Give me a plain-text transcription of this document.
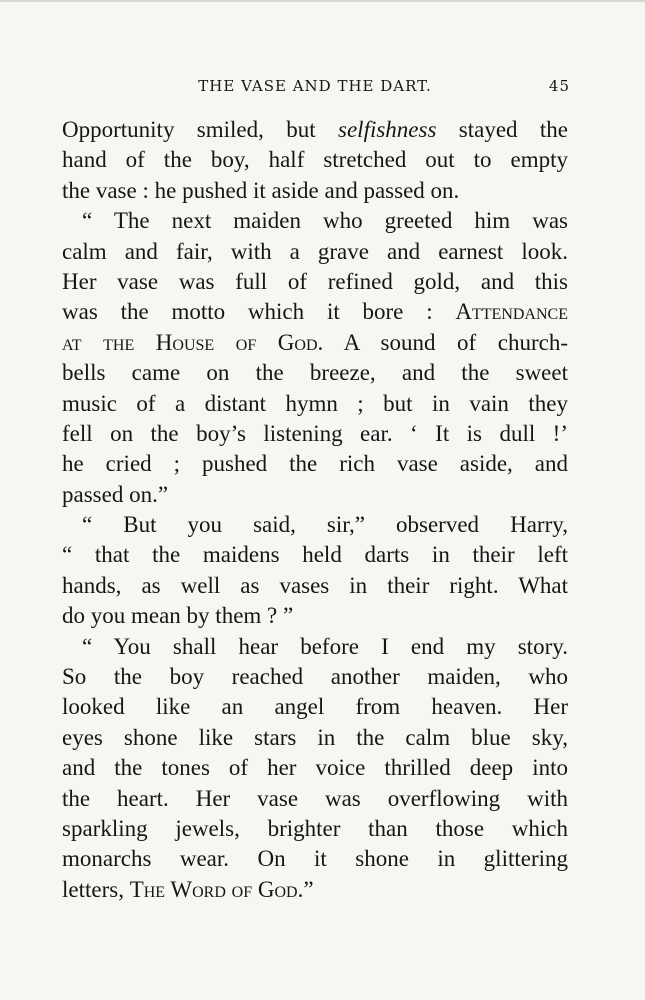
THE VASE AND THE DART.	45
Opportunity smiled, but selfishness stayed the
hand of the boy, half stretched out to empty
the vase : he pushed it aside and passed on.
“ The next maiden who greeted him was
calm and fair, with a grave and earnest look.
Her vase was full of refined gold, and this
was the motto which it bore : Attendance
at the House of God. A sound of church-
bells came on the breeze, and the sweet
music of a distant hymn ; but in vain they
fell on the boy’s listening ear. ‘ It is dull !’
he cried ; pushed the rich vase aside, and
passed on.”
“ But you said, sir,” observed Harry,
“ that the maidens held darts in their left
hands, as well as vases in their right. What
do you mean by them ? ”
“ You shall hear before I end my story.
So the boy reached another maiden, who
looked like an angel from heaven. Her
eyes shone like stars in the calm blue sky,
and the tones of her voice thrilled deep into
the heart. Her vase was overflowing with
sparkling jewels, brighter than those which
monarchs wear. On it shone in glittering
letters, The Word of God.”
